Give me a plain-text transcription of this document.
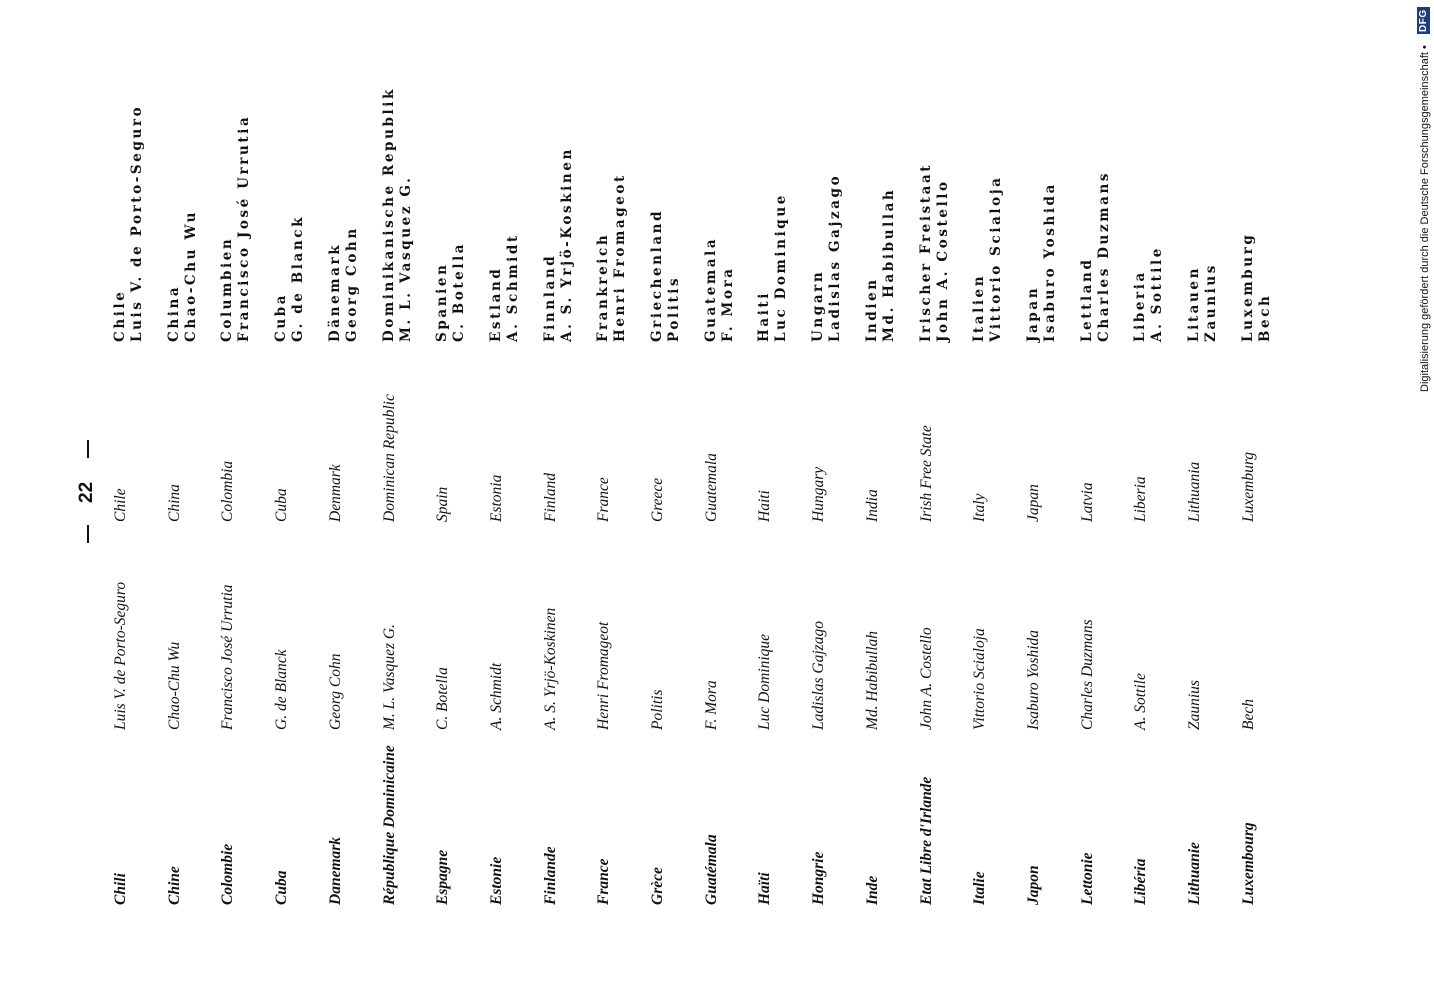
22
Chili
Luis V. de Porto-Seguro
Chile
Chile Luis V. de Porto-Seguro
Chine
Chao-Chu Wu
China
China Chao-Chu Wu
Colombie
Francisco José Urrutia
Colombia
Columbien Francisco José Urrutia
Cuba
G. de Blanck
Cuba
Cuba G. de Blanck
Danemark
Georg Cohn
Denmark
Dänemark Georg Cohn
République Dominicaine
M. L. Vasquez G.
Dominican Republic
Dominikanische Republik M. L. Vasquez G.
Espagne
C. Botella
Spain
Spanien C. Botella
Estonie
A. Schmidt
Estonia
Estland A. Schmidt
Finlande
A. S. Yrjö-Koskinen
Finland
Finnland A. S. Yrjö-Koskinen
France
Henri Fromageot
France
Frankreich Henri Fromageot
Grèce
Politis
Greece
Griechenland Politis
Guatémala
F. Mora
Guatemala
Guatemala F. Mora
Haïti
Luc Dominique
Haiti
Haiti Luc Dominique
Hongrie
Ladislas Gajzago
Hungary
Ungarn Ladislas Gajzago
Inde
Md. Habibullah
India
Indien Md. Habibullah
Etat Libre d'Irlande
John A. Costello
Irish Free State
Irischer Freistaat John A. Costello
Italie
Vittorio Scialoja
Italy
Italien Vittorio Scialoja
Japon
Isaburo Yoshida
Japan
Japan Isaburo Yoshida
Lettonie
Charles Duzmans
Latvia
Lettland Charles Duzmans
Libéria
A. Sottile
Liberia
Liberia A. Sottile
Lithuanie
Zaunius
Lithuania
Litauen Zaunius
Luxembourg
Bech
Luxemburg
Luxemburg Bech	Digitalisierung gefördert durch die Deutsche Forschungsgemeinschaft •
DFG
